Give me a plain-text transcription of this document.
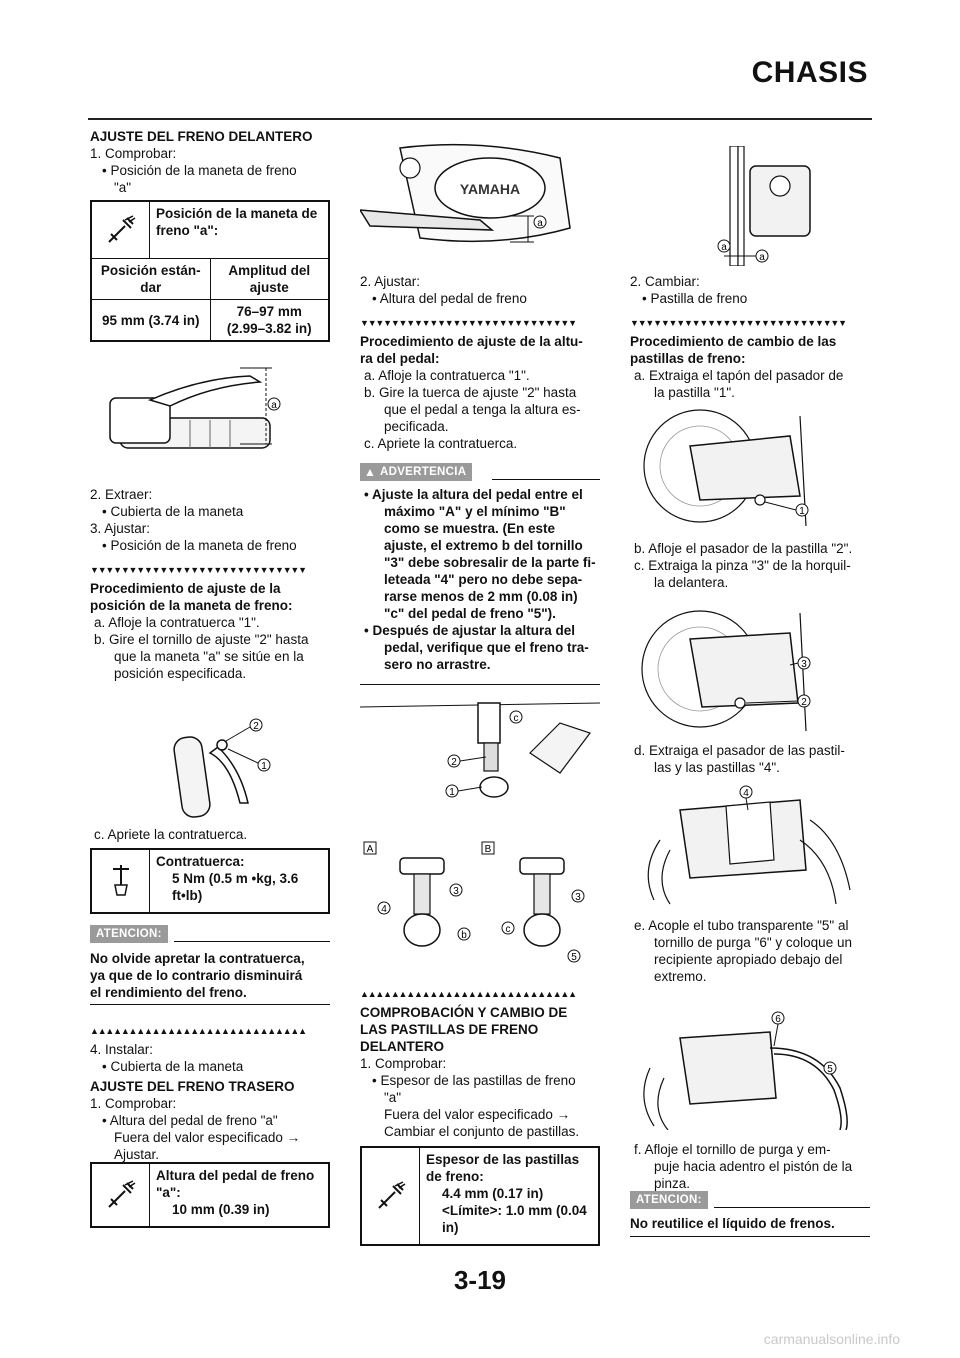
CHASIS
AJUSTE DEL FRENO DELANTERO
1. Comprobar:
• Posición de la maneta de freno
"a"
Posición de la maneta de
freno "a":
Posición están-
dar
Amplitud del
ajuste
95 mm (3.74 in)
76–97 mm
(2.99–3.82 in)
a
2. Extraer:
• Cubierta de la maneta
3. Ajustar:
• Posición de la maneta de freno
▼▼▼▼▼▼▼▼▼▼▼▼▼▼▼▼▼▼▼▼▼▼▼▼▼▼▼▼
Procedimiento de ajuste de la
posición de la maneta de freno:
a. Afloje la contratuerca "1".
b. Gire el tornillo de ajuste "2" hasta
que la maneta "a" se sitúe en la
posición especificada.
2
1
c. Apriete la contratuerca.
Contratuerca:
5 Nm (0.5 m •kg, 3.6
ft•lb)
ATENCION:
No olvide apretar la contratuerca,
ya que de lo contrario disminuirá
el rendimiento del freno.
▲▲▲▲▲▲▲▲▲▲▲▲▲▲▲▲▲▲▲▲▲▲▲▲▲▲▲▲
4. Instalar:
• Cubierta de la maneta
AJUSTE DEL FRENO TRASERO
1. Comprobar:
• Altura del pedal de freno "a"
Fuera del valor especificado →
Ajustar.
Altura del pedal de freno
"a":
10 mm (0.39 in)
YAMAHA
a
2. Ajustar:
• Altura del pedal de freno
▼▼▼▼▼▼▼▼▼▼▼▼▼▼▼▼▼▼▼▼▼▼▼▼▼▼▼▼
Procedimiento de ajuste de la altu-
ra del pedal:
a. Afloje la contratuerca "1".
b. Gire la tuerca de ajuste "2" hasta
que el pedal a tenga la altura es-
pecificada.
c. Apriete la contratuerca.
▲ ADVERTENCIA
• Ajuste la altura del pedal entre el
máximo "A" y el mínimo "B"
como se muestra. (En este
ajuste, el extremo b del tornillo
"3" debe sobresalir de la parte fi-
leteada "4" pero no debe sepa-
rarse menos de 2 mm (0.08 in)
"c" del pedal de freno "5").
• Después de ajustar la altura del
pedal, verifique que el freno tra-
sero no arrastre.
c
2
1
A	B
3
4
b
3
c
5
▲▲▲▲▲▲▲▲▲▲▲▲▲▲▲▲▲▲▲▲▲▲▲▲▲▲▲▲
COMPROBACIÓN Y CAMBIO DE
LAS PASTILLAS DE FRENO
DELANTERO
1. Comprobar:
• Espesor de las pastillas de freno
"a"
Fuera del valor especificado →
Cambiar el conjunto de pastillas.
Espesor de las pastillas
de freno:
4.4 mm (0.17 in)
<Límite>: 1.0 mm (0.04
in)
a
a
2. Cambiar:
• Pastilla de freno
▼▼▼▼▼▼▼▼▼▼▼▼▼▼▼▼▼▼▼▼▼▼▼▼▼▼▼▼
Procedimiento de cambio de las
pastillas de freno:
a. Extraiga el tapón del pasador de
la pastilla "1".
1
b. Afloje el pasador de la pastilla "2".
c. Extraiga la pinza "3" de la horquil-
la delantera.
3
2
d. Extraiga el pasador de las pastil-
las y las pastillas "4".
4
e. Acople el tubo transparente "5" al
tornillo de purga "6" y coloque un
recipiente apropiado debajo del
extremo.
6
5
f. Afloje el tornillo de purga y em-
puje hacia adentro el pistón de la
pinza.
ATENCION:
No reutilice el líquido de frenos.
3-19
carmanualsonline.info
